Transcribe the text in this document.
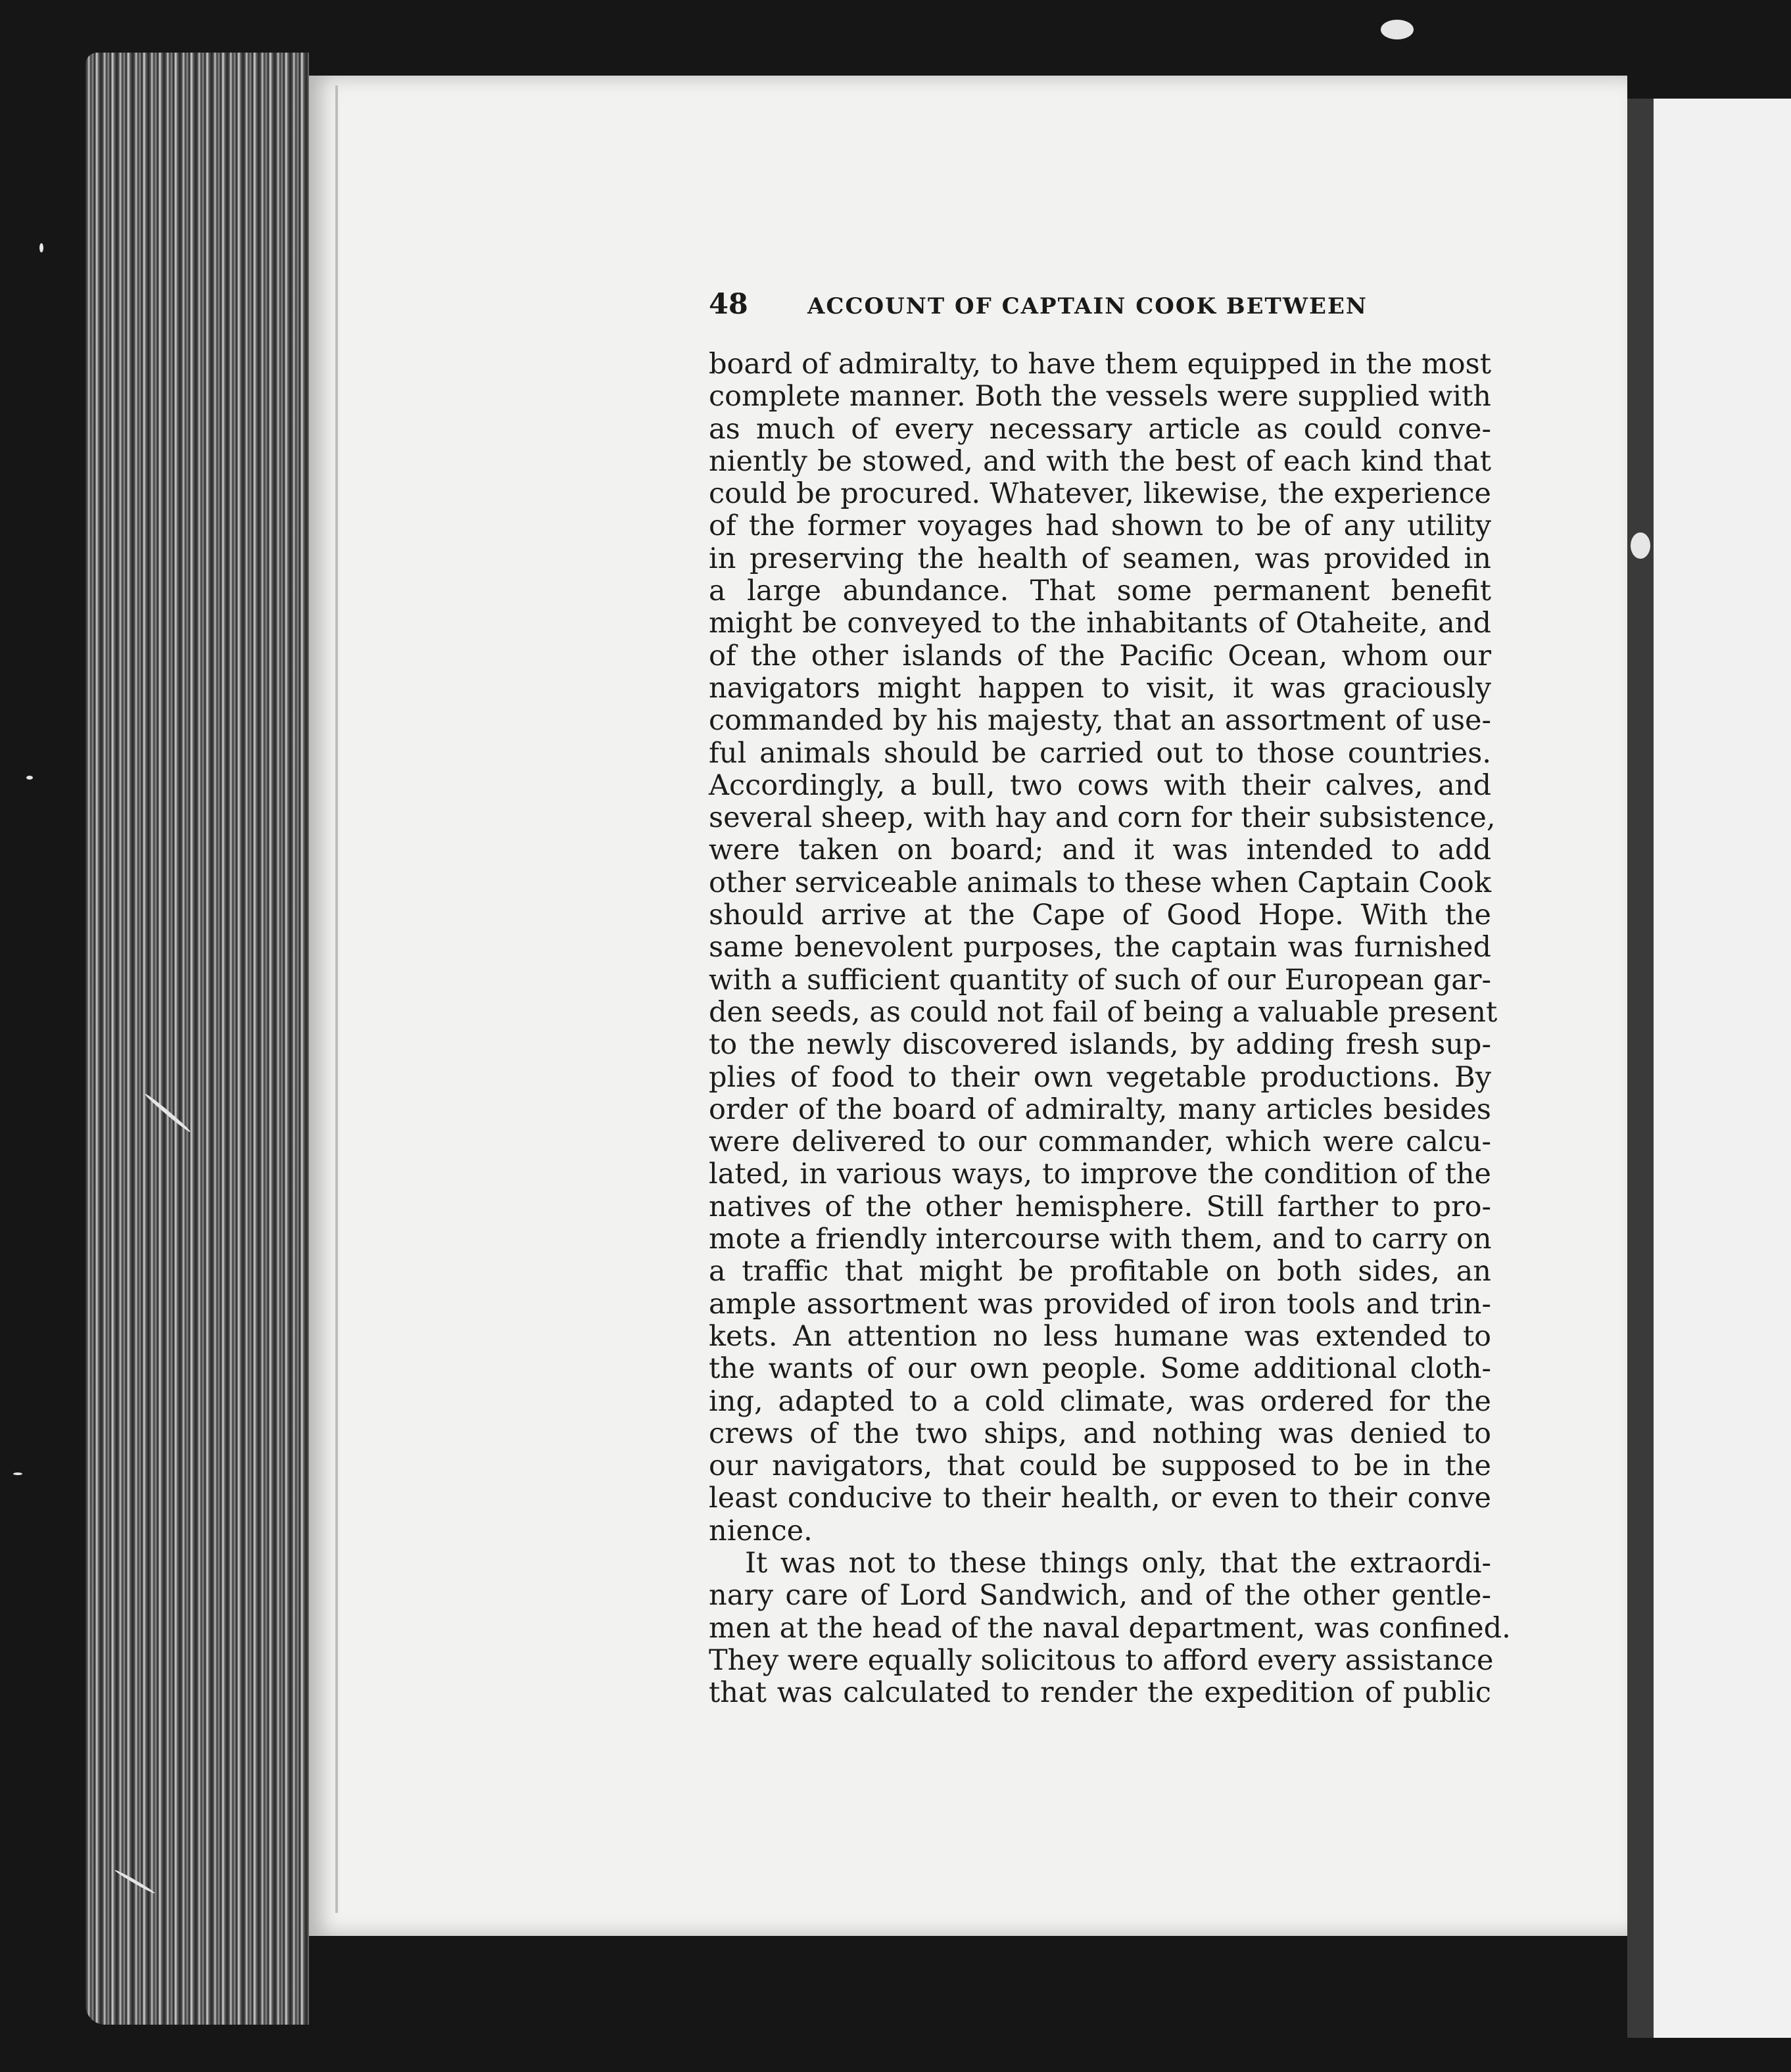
48	ACCOUNT OF CAPTAIN COOK BETWEEN
board of admiralty, to have them equipped in the most
complete manner. Both the vessels were supplied with
as much of every necessary article as could conve-
niently be stowed, and with the best of each kind that
could be procured. Whatever, likewise, the experience
of the former voyages had shown to be of any utility
in preserving the health of seamen, was provided in
a large abundance. That some permanent benefit
might be conveyed to the inhabitants of Otaheite, and
of the other islands of the Pacific Ocean, whom our
navigators might happen to visit, it was graciously
commanded by his majesty, that an assortment of use-
ful animals should be carried out to those countries.
Accordingly, a bull, two cows with their calves, and
several sheep, with hay and corn for their subsistence,
were taken on board; and it was intended to add
other serviceable animals to these when Captain Cook
should arrive at the Cape of Good Hope. With the
same benevolent purposes, the captain was furnished
with a sufficient quantity of such of our European gar-
den seeds, as could not fail of being a valuable present
to the newly discovered islands, by adding fresh sup-
plies of food to their own vegetable productions. By
order of the board of admiralty, many articles besides
were delivered to our commander, which were calcu-
lated, in various ways, to improve the condition of the
natives of the other hemisphere. Still farther to pro-
mote a friendly intercourse with them, and to carry on
a traffic that might be profitable on both sides, an
ample assortment was provided of iron tools and trin-
kets. An attention no less humane was extended to
the wants of our own people. Some additional cloth-
ing, adapted to a cold climate, was ordered for the
crews of the two ships, and nothing was denied to
our navigators, that could be supposed to be in the
least conducive to their health, or even to their conve
nience.
It was not to these things only, that the extraordi-
nary care of Lord Sandwich, and of the other gentle-
men at the head of the naval department, was confined.
They were equally solicitous to afford every assistance
that was calculated to render the expedition of public
